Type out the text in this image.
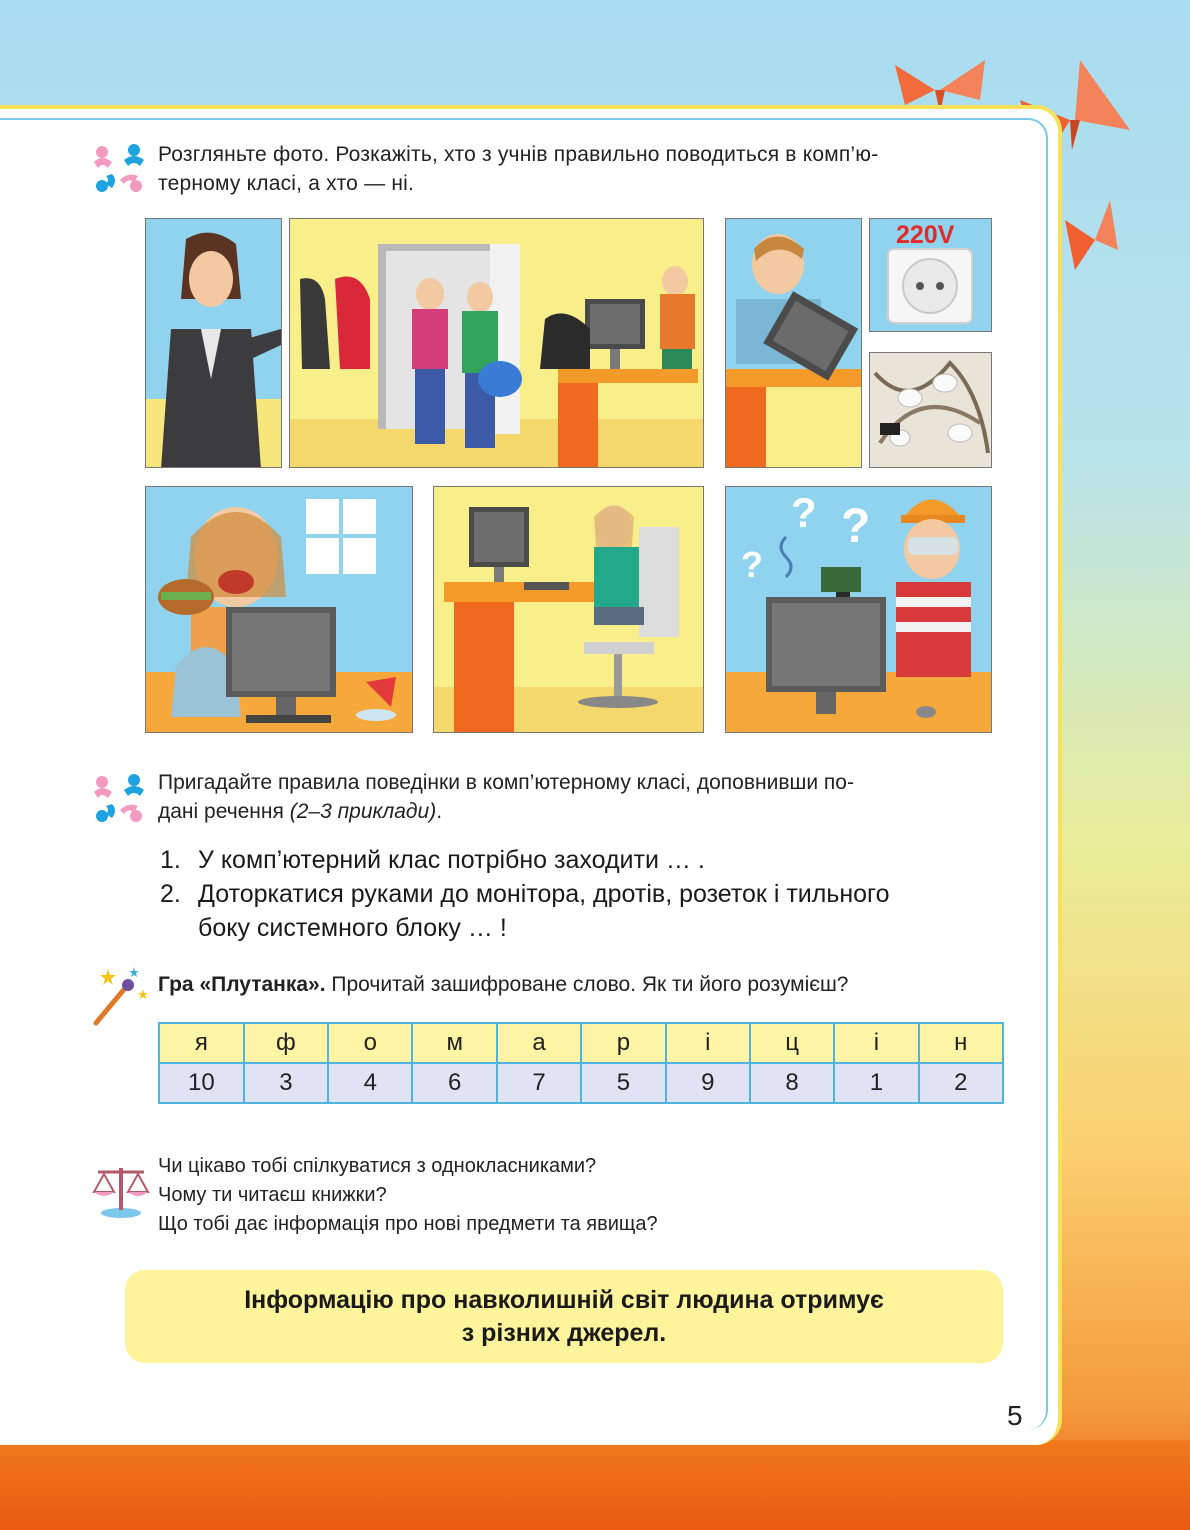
Розгляньте фото. Розкажіть, хто з учнів правильно поводиться в комп’ю-
терному класі, а хто — ні.
220V
? ?
?
Пригадайте правила поведінки в комп’ютерному класі, доповнивши по-
дані речення (2–3 приклади).
1. У комп’ютерний клас потрібно заходити … .
2. Доторкатися руками до монітора, дротів, розеток і тильного
боку системного блоку … !
Гра «Плутанка». Прочитай зашифроване слово. Як ти його розумієш?
я	ф	о	м	а	р	і	ц	і	н
10	3	4	6	7	5	9	8	1	2
Чи цікаво тобі спілкуватися з однокласниками?
Чому ти читаєш книжки?
Що тобі дає інформація про нові предмети та явища?
Інформацію про навколишній світ людина отримує
з різних джерел.
5
